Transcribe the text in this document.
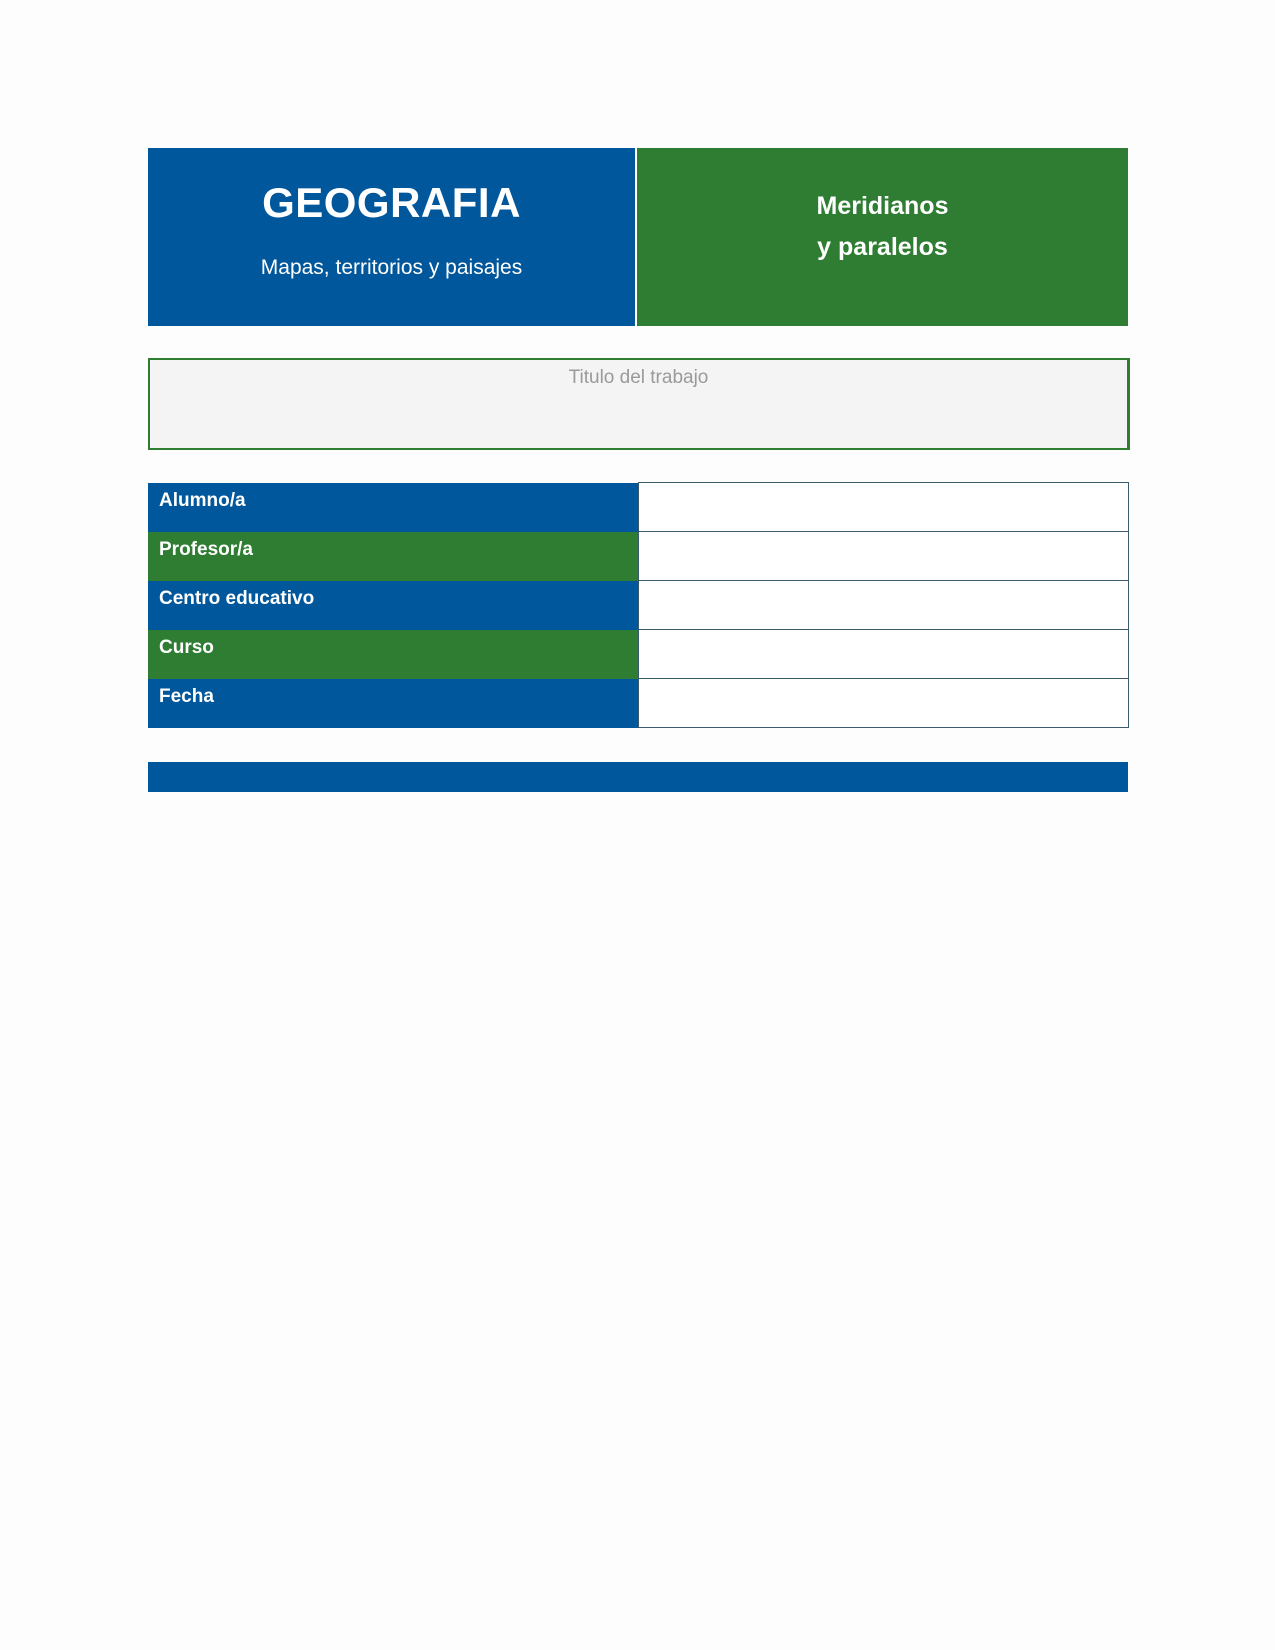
GEOGRAFIA
Mapas, territorios y paisajes
Meridianos
y paralelos
Titulo del trabajo
Alumno/a	
Profesor/a	
Centro educativo	
Curso	
Fecha	
